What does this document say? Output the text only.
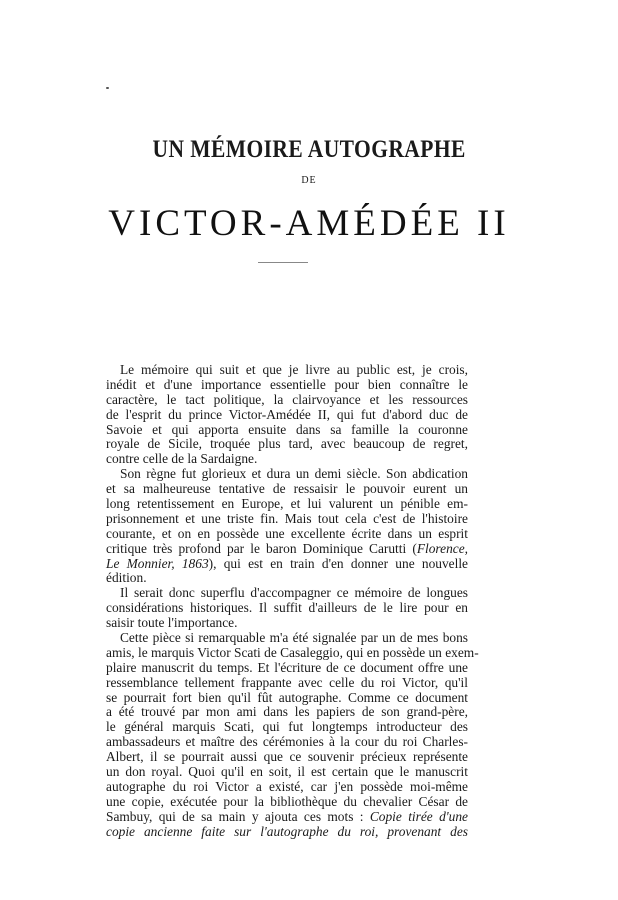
UN MÉMOIRE AUTOGRAPHE
DE
VICTOR-AMÉDÉE II
Le mémoire qui suit et que je livre au public est, je crois,
inédit et d'une importance essentielle pour bien connaître le
caractère, le tact politique, la clairvoyance et les ressources
de l'esprit du prince Victor-Amédée II, qui fut d'abord duc de
Savoie et qui apporta ensuite dans sa famille la couronne
royale de Sicile, troquée plus tard, avec beaucoup de regret,
contre celle de la Sardaigne.
Son règne fut glorieux et dura un demi siècle. Son abdication
et sa malheureuse tentative de ressaisir le pouvoir eurent un
long retentissement en Europe, et lui valurent un pénible em-
prisonnement et une triste fin. Mais tout cela c'est de l'histoire
courante, et on en possède une excellente écrite dans un esprit
critique très profond par le baron Dominique Carutti (Florence,
Le Monnier, 1863), qui est en train d'en donner une nouvelle
édition.
Il serait donc superflu d'accompagner ce mémoire de longues
considérations historiques. Il suffit d'ailleurs de le lire pour en
saisir toute l'importance.
Cette pièce si remarquable m'a été signalée par un de mes bons
amis, le marquis Victor Scati de Casaleggio, qui en possède un exem-
plaire manuscrit du temps. Et l'écriture de ce document offre une
ressemblance tellement frappante avec celle du roi Victor, qu'il
se pourrait fort bien qu'il fût autographe. Comme ce document
a été trouvé par mon ami dans les papiers de son grand-père,
le général marquis Scati, qui fut longtemps introducteur des
ambassadeurs et maître des cérémonies à la cour du roi Charles-
Albert, il se pourrait aussi que ce souvenir précieux représente
un don royal. Quoi qu'il en soit, il est certain que le manuscrit
autographe du roi Victor a existé, car j'en possède moi-même
une copie, exécutée pour la bibliothèque du chevalier César de
Sambuy, qui de sa main y ajouta ces mots : Copie tirée d'une
copie ancienne faite sur l'autographe du roi, provenant des
